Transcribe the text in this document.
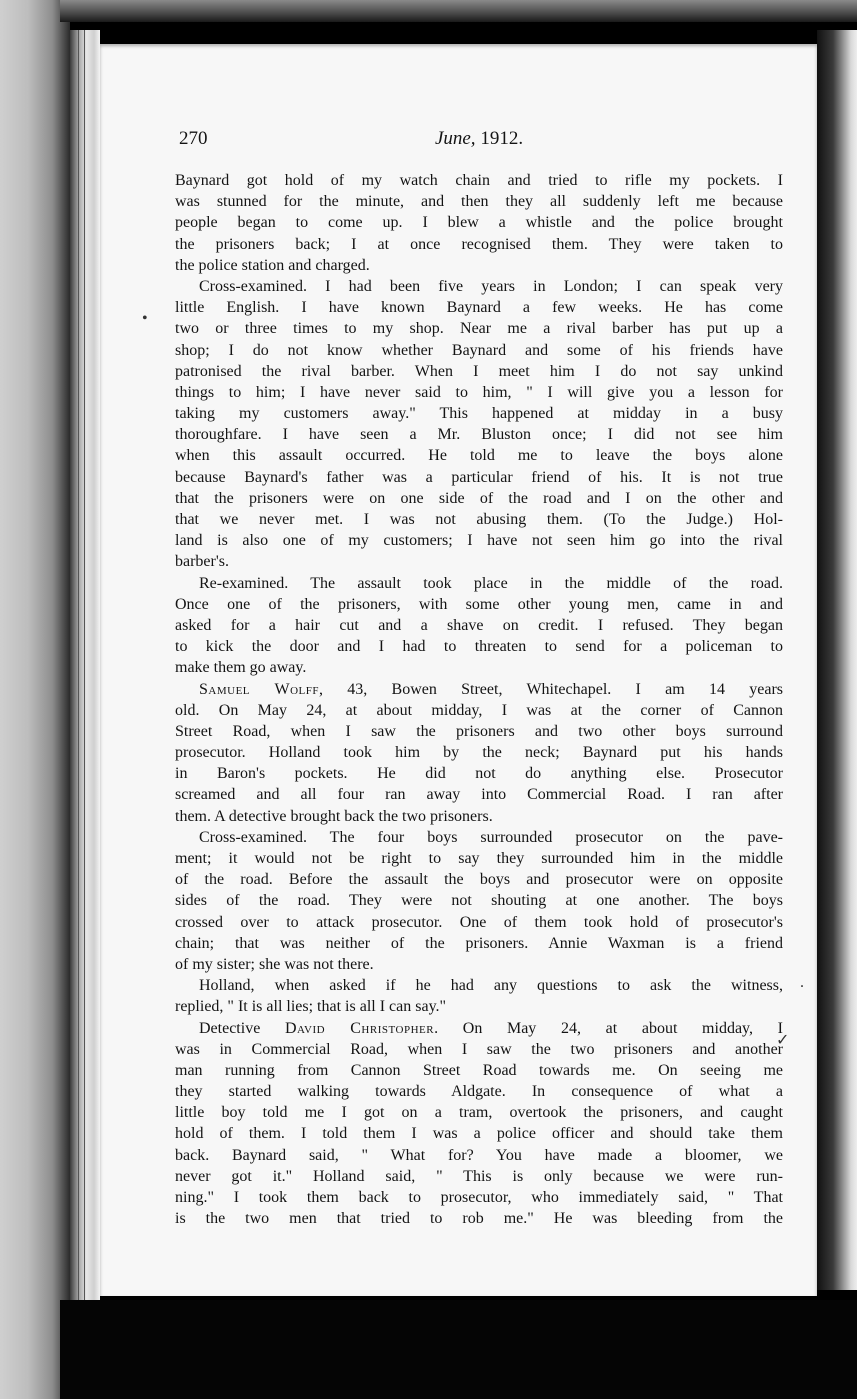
•
.
✓
270	June, 1912.
Baynard got hold of my watch chain and tried to rifle my pockets. I
was stunned for the minute, and then they all suddenly left me because
people began to come up. I blew a whistle and the police brought
the prisoners back; I at once recognised them. They were taken to
the police station and charged.
Cross-examined. I had been five years in London; I can speak very
little English. I have known Baynard a few weeks. He has come
two or three times to my shop. Near me a rival barber has put up a
shop; I do not know whether Baynard and some of his friends have
patronised the rival barber. When I meet him I do not say unkind
things to him; I have never said to him, " I will give you a lesson for
taking my customers away." This happened at midday in a busy
thoroughfare. I have seen a Mr. Bluston once; I did not see him
when this assault occurred. He told me to leave the boys alone
because Baynard's father was a particular friend of his. It is not true
that the prisoners were on one side of the road and I on the other and
that we never met. I was not abusing them. (To the Judge.) Hol-
land is also one of my customers; I have not seen him go into the rival
barber's.
Re-examined. The assault took place in the middle of the road.
Once one of the prisoners, with some other young men, came in and
asked for a hair cut and a shave on credit. I refused. They began
to kick the door and I had to threaten to send for a policeman to
make them go away.
Samuel Wolff, 43, Bowen Street, Whitechapel. I am 14 years
old. On May 24, at about midday, I was at the corner of Cannon
Street Road, when I saw the prisoners and two other boys surround
prosecutor. Holland took him by the neck; Baynard put his hands
in Baron's pockets. He did not do anything else. Prosecutor
screamed and all four ran away into Commercial Road. I ran after
them. A detective brought back the two prisoners.
Cross-examined. The four boys surrounded prosecutor on the pave-
ment; it would not be right to say they surrounded him in the middle
of the road. Before the assault the boys and prosecutor were on opposite
sides of the road. They were not shouting at one another. The boys
crossed over to attack prosecutor. One of them took hold of prosecutor's
chain; that was neither of the prisoners. Annie Waxman is a friend
of my sister; she was not there.
Holland, when asked if he had any questions to ask the witness,
replied, " It is all lies; that is all I can say."
Detective David Christopher. On May 24, at about midday, I
was in Commercial Road, when I saw the two prisoners and another
man running from Cannon Street Road towards me. On seeing me
they started walking towards Aldgate. In consequence of what a
little boy told me I got on a tram, overtook the prisoners, and caught
hold of them. I told them I was a police officer and should take them
back. Baynard said, " What for? You have made a bloomer, we
never got it." Holland said, " This is only because we were run-
ning." I took them back to prosecutor, who immediately said, " That
is the two men that tried to rob me." He was bleeding from the
